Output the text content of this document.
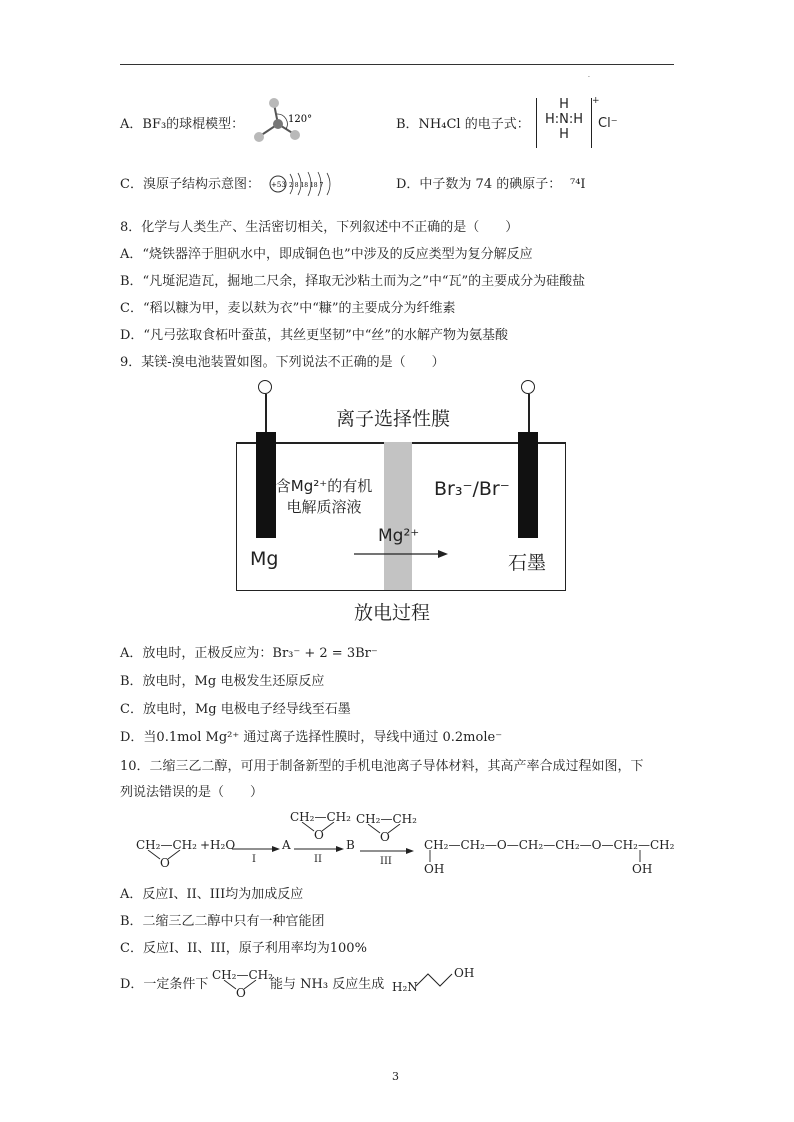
.
A．BF₃的球棍模型：	120°	B．NH₄Cl 的电子式：
H
H:N:H
H
+
Cl⁻
C．溴原子结构示意图： +53 2 8 18 18 7	D．中子数为 74 的碘原子： ⁷⁴I
8．化学与人类生产、生活密切相关，下列叙述中不正确的是（　　）
A．“烧铁器淬于胆矾水中，即成铜色也”中涉及的反应类型为复分解反应
B．“凡埏泥造瓦，掘地二尺余，择取无沙粘土而为之”中“瓦”的主要成分为硅酸盐
C．“稻以糠为甲，麦以麸为衣”中“糠”的主要成分为纤维素
D．“凡弓弦取食柘叶蚕茧，其丝更坚韧”中“丝”的水解产物为氨基酸
9．某镁-溴电池装置如图。下列说法不正确的是（　　）
离子选择性膜
含Mg²⁺的有机
电解质溶液
Br₃⁻/Br⁻
Mg²⁺
Mg	石墨
放电过程
A．放电时，正极反应为：Br₃⁻ + 2 = 3Br⁻
B．放电时，Mg 电极发生还原反应
C．放电时，Mg 电极电子经导线至石墨
D．当0.1mol Mg²⁺ 通过离子选择性膜时，导线中通过 0.2mole⁻
10．二缩三乙二醇，可用于制备新型的手机电池离子导体材料，其高产率合成过程如图，下
列说法错误的是（　　）
CH₂—CH₂
O
+H₂O
I
A
CH₂—CH₂
O
II
B
CH₂—CH₂
O
III
CH₂—CH₂—O—CH₂—CH₂—O—CH₂—CH₂
OH	OH
A．反应I、II、III均为加成反应
B．二缩三乙二醇中只有一种官能团
C．反应I、II、III，原子利用率均为100%
D．一定条件下
CH₂—CH₂
O
能与 NH₃ 反应生成 H₂N
OH
3
